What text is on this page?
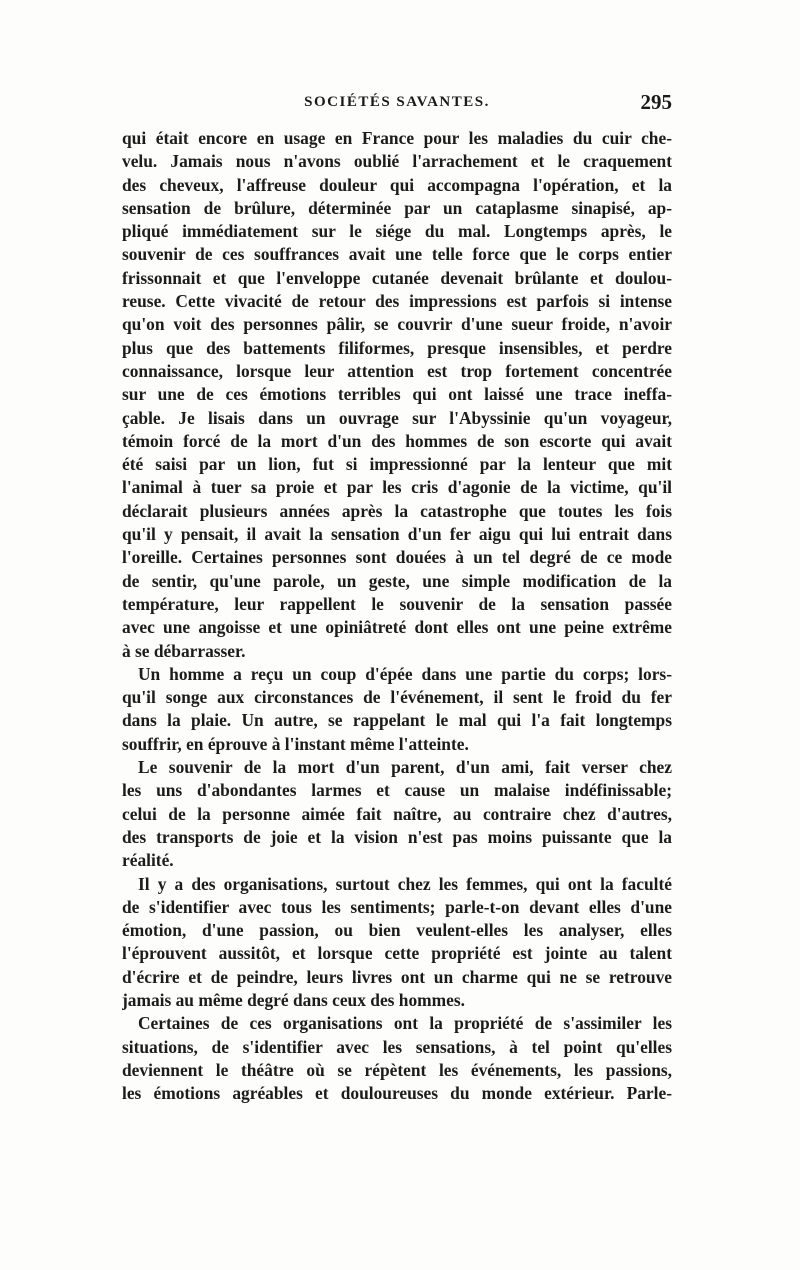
SOCIÉTÉS SAVANTES.	295
qui était encore en usage en France pour les maladies du cuir che-
velu. Jamais nous n'avons oublié l'arrachement et le craquement
des cheveux, l'affreuse douleur qui accompagna l'opération, et la
sensation de brûlure, déterminée par un cataplasme sinapisé, ap-
pliqué immédiatement sur le siége du mal. Longtemps après, le
souvenir de ces souffrances avait une telle force que le corps entier
frissonnait et que l'enveloppe cutanée devenait brûlante et doulou-
reuse. Cette vivacité de retour des impressions est parfois si intense
qu'on voit des personnes pâlir, se couvrir d'une sueur froide, n'avoir
plus que des battements filiformes, presque insensibles, et perdre
connaissance, lorsque leur attention est trop fortement concentrée
sur une de ces émotions terribles qui ont laissé une trace ineffa-
çable. Je lisais dans un ouvrage sur l'Abyssinie qu'un voyageur,
témoin forcé de la mort d'un des hommes de son escorte qui avait
été saisi par un lion, fut si impressionné par la lenteur que mit
l'animal à tuer sa proie et par les cris d'agonie de la victime, qu'il
déclarait plusieurs années après la catastrophe que toutes les fois
qu'il y pensait, il avait la sensation d'un fer aigu qui lui entrait dans
l'oreille. Certaines personnes sont douées à un tel degré de ce mode
de sentir, qu'une parole, un geste, une simple modification de la
température, leur rappellent le souvenir de la sensation passée
avec une angoisse et une opiniâtreté dont elles ont une peine extrême
à se débarrasser.
Un homme a reçu un coup d'épée dans une partie du corps; lors-
qu'il songe aux circonstances de l'événement, il sent le froid du fer
dans la plaie. Un autre, se rappelant le mal qui l'a fait longtemps
souffrir, en éprouve à l'instant même l'atteinte.
Le souvenir de la mort d'un parent, d'un ami, fait verser chez
les uns d'abondantes larmes et cause un malaise indéfinissable;
celui de la personne aimée fait naître, au contraire chez d'autres,
des transports de joie et la vision n'est pas moins puissante que la
réalité.
Il y a des organisations, surtout chez les femmes, qui ont la faculté
de s'identifier avec tous les sentiments; parle-t-on devant elles d'une
émotion, d'une passion, ou bien veulent-elles les analyser, elles
l'éprouvent aussitôt, et lorsque cette propriété est jointe au talent
d'écrire et de peindre, leurs livres ont un charme qui ne se retrouve
jamais au même degré dans ceux des hommes.
Certaines de ces organisations ont la propriété de s'assimiler les
situations, de s'identifier avec les sensations, à tel point qu'elles
deviennent le théâtre où se répètent les événements, les passions,
les émotions agréables et douloureuses du monde extérieur. Parle-
